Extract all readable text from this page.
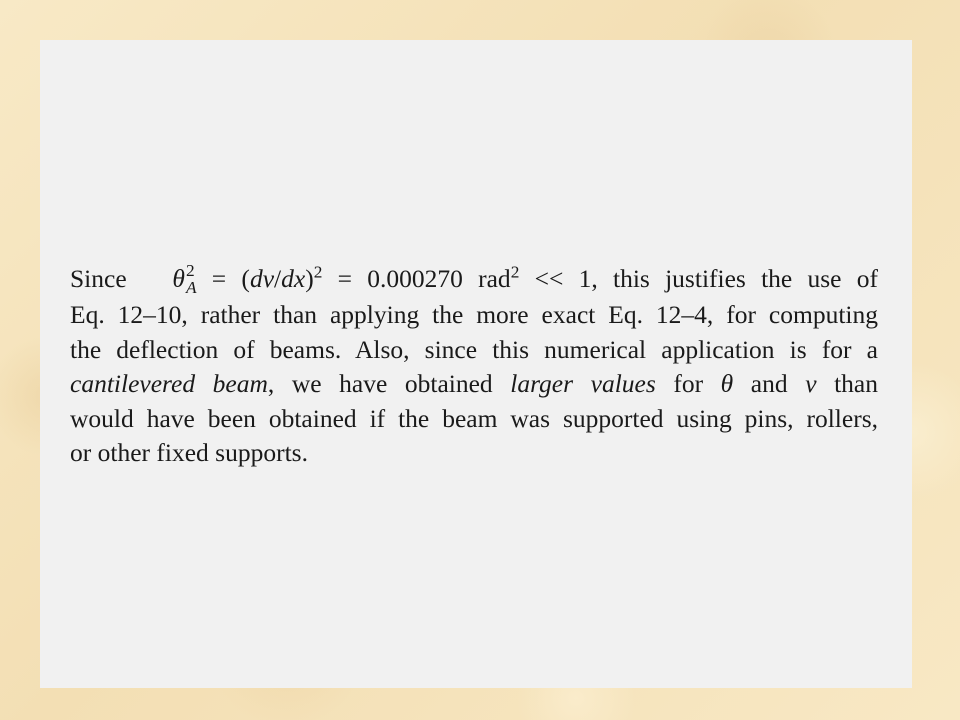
Since θ 2
$A = (dv/dx)^2 = 0.000270$ rad$^2$ << 1, this justifies the use of
Eq. 12–10, rather than applying the more exact Eq. 12–4, for computing
the deflection of beams. Also, since this numerical application is for a
cantilevered beam, we have obtained larger values for θ and v than
would have been obtained if the beam was supported using pins, rollers,
or other fixed supports.
